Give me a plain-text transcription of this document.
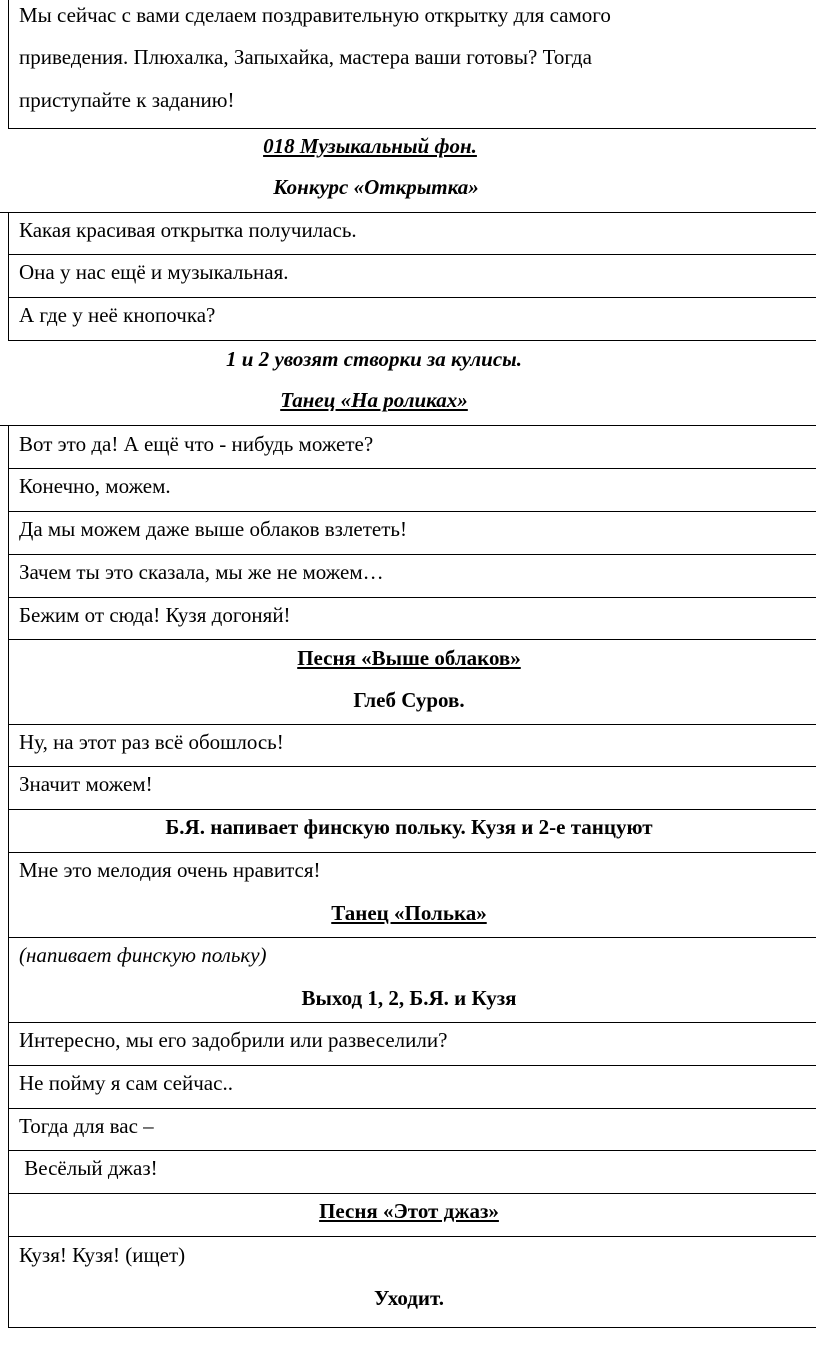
Мы сейчас с вами сделаем поздравительную открытку для самого
приведения. Плюхалка, Запыхайка, мастера ваши готовы? Тогда
приступайте к заданию!
018 Музыкальный фон.
Конкурс «Открытка»
Какая красивая открытка получилась.
Она у нас ещё и музыкальная.
А где у неё кнопочка?
1 и 2 увозят створки за кулисы.
Танец «На роликах»
Вот это да! А ещё что - нибудь можете?
Конечно, можем.
Да мы можем даже выше облаков взлететь!
Зачем ты это сказала, мы же не можем…
Бежим от сюда! Кузя догоняй!
Песня «Выше облаков»
Глеб Суров.
Ну, на этот раз всё обошлось!
Значит можем!
Б.Я. напивает финскую польку. Кузя и 2-е танцуют
Мне это мелодия очень нравится!
Танец «Полька»
(напивает финскую польку)
Выход 1, 2, Б.Я. и Кузя
Интересно, мы его задобрили или развеселили?
Не пойму я сам сейчас..
Тогда для вас –
Весёлый джаз!
Песня «Этот джаз»
Кузя! Кузя! (ищет)
Уходит.
